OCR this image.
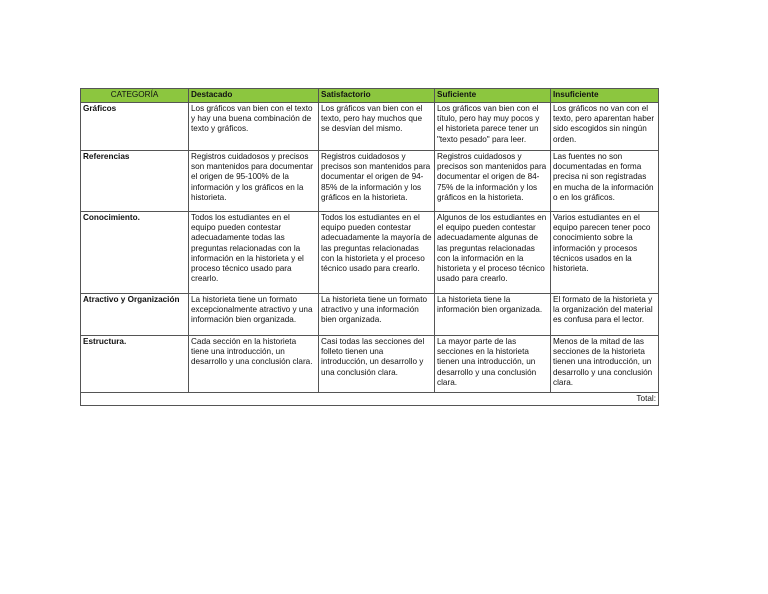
CATEGORÍA	Destacado	Satisfactorio	Suficiente	Insuficiente	
Gráficos	Los gráficos van bien con el texto y hay una buena combinación de texto y gráficos.	Los gráficos van bien con el texto, pero hay muchos que se desvían del mismo.	Los gráficos van bien con el título, pero hay muy pocos y el historieta parece tener un "texto pesado" para leer.	Los gráficos no van con el texto, pero aparentan haber sido escogidos sin ningún orden.	
Referencias	Registros cuidadosos y precisos son mantenidos para documentar el origen de 95-100% de la información y los gráficos en la historieta.	Registros cuidadosos y precisos son mantenidos para documentar el origen de 94-85% de la información y los gráficos en la historieta.	Registros cuidadosos y precisos son mantenidos para documentar el origen de 84-75% de la información y los gráficos en la historieta.	Las fuentes no son documentadas en forma precisa ni son registradas en mucha de la información o en los gráficos.	
Conocimiento.	Todos los estudiantes en el equipo pueden contestar adecuadamente todas las preguntas relacionadas con la información en la historieta y el proceso técnico usado para crearlo.	Todos los estudiantes en el equipo pueden contestar adecuadamente la mayoría de las preguntas relacionadas con la historieta y el proceso técnico usado para crearlo.	Algunos de los estudiantes en el equipo pueden contestar adecuadamente algunas de las preguntas relacionadas con la información en la historieta y el proceso técnico usado para crearlo.	Varios estudiantes en el equipo parecen tener poco conocimiento sobre la información y procesos técnicos usados en la historieta.	
Atractivo y Organización	La historieta tiene un formato excepcionalmente atractivo y una información bien organizada.	La historieta tiene un formato atractivo y una información bien organizada.	La historieta tiene la información bien organizada.	El formato de la historieta y la organización del material es confusa para el lector.	
Estructura.	Cada sección en la historieta tiene una introducción, un desarrollo y una conclusión clara.	Casi todas las secciones del folleto tienen una introducción, un desarrollo y una conclusión clara.	La mayor parte de las secciones en la historieta tienen una introducción, un desarrollo y una conclusión clara.	Menos de la mitad de las secciones de la historieta tienen una introducción, un desarrollo y una conclusión clara.	
Total:					
